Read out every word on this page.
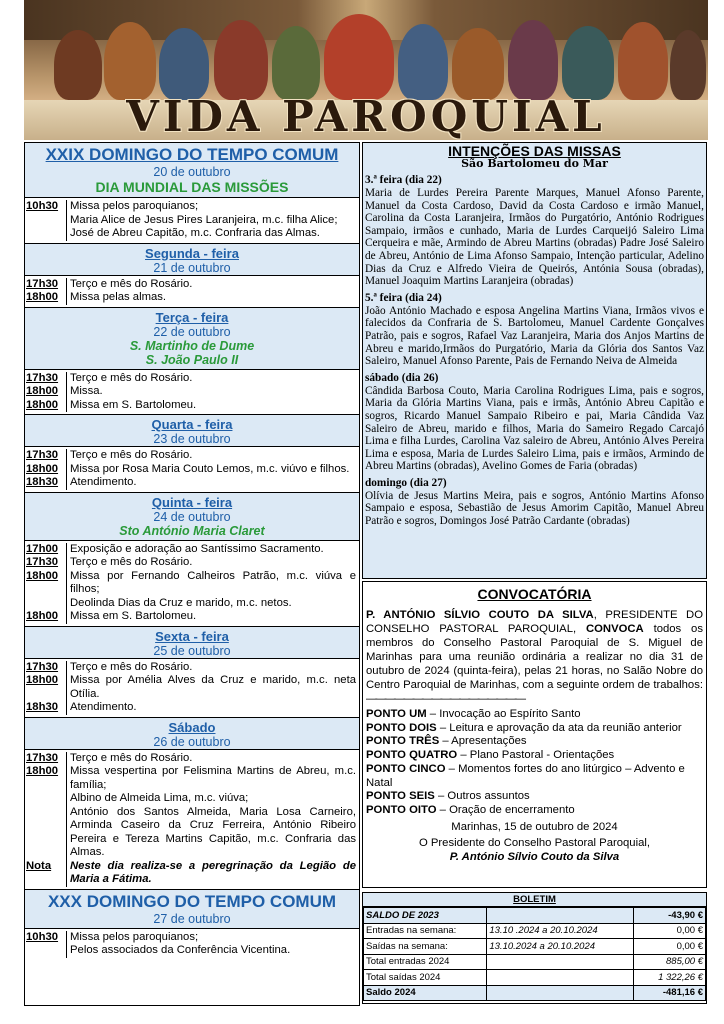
VIDA PAROQUIAL
XXIX DOMINGO DO TEMPO COMUM
20 de outubro
DIA MUNDIAL DAS MISSÕES
10h30	Missa pelos paroquianos;
Maria Alice de Jesus Pires Laranjeira, m.c. filha Alice;
José de Abreu Capitão, m.c. Confraria das Almas.
Segunda - feira
21 de outubro
17h30	Terço e mês do Rosário.
18h00	Missa pelas almas.
Terça - feira
22 de outubro
S. Martinho de Dume
S. João Paulo II
17h30	Terço e mês do Rosário.
18h00	Missa.
18h00	Missa em S. Bartolomeu.
Quarta - feira
23 de outubro
17h30	Terço e mês do Rosário.
18h00	Missa por Rosa Maria Couto Lemos, m.c. viúvo e filhos.
18h30	Atendimento.
Quinta - feira
24 de outubro
Sto António Maria Claret
17h00	Exposição e adoração ao Santíssimo Sacramento.
17h30	Terço e mês do Rosário.
18h00	Missa por Fernando Calheiros Patrão, m.c. viúva e filhos;
Deolinda Dias da Cruz e marido, m.c. netos.
18h00	Missa em S. Bartolomeu.
Sexta - feira
25 de outubro
17h30	Terço e mês do Rosário.
18h00	Missa por Amélia Alves da Cruz e marido, m.c. neta Otília.
18h30	Atendimento.
Sábado
26 de outubro
17h30	Terço e mês do Rosário.
18h00	Missa vespertina por Felismina Martins de Abreu, m.c. família;
Albino de Almeida Lima, m.c. viúva;
António dos Santos Almeida, Maria Losa Carneiro, Arminda Caseiro da Cruz Ferreira, António Ribeiro Pereira e Tereza Martins Capitão, m.c. Confraria das Almas.
Nota	Neste dia realiza-se a peregrinação da Legião de Maria a Fátima.
XXX DOMINGO DO TEMPO COMUM
27 de outubro
10h30	Missa pelos paroquianos;
Pelos associados da Conferência Vicentina.
INTENÇÕES DAS MISSAS
São Bartolomeu do Mar
3.ª feira (dia 22)
Maria de Lurdes Pereira Parente Marques, Manuel Afonso Parente, Manuel da Costa Cardoso, David da Costa Cardoso e irmão Manuel, Carolina da Costa Laranjeira, Irmãos do Purgatório, António Rodrigues Sampaio, irmãos e cunhado, Maria de Lurdes Carqueijó Saleiro Lima Cerqueira e mãe, Armindo de Abreu Martins (obradas) Padre José Saleiro de Abreu, António de Lima Afonso Sampaio, Intenção particular, Adelino Dias da Cruz e Alfredo Vieira de Queirós, Antónia Sousa (obradas), Manuel Joaquim Martins Laranjeira (obradas)
5.ª feira (dia 24)
João António Machado e esposa Angelina Martins Viana, Irmãos vivos e falecidos da Confraria de S. Bartolomeu, Manuel Cardente Gonçalves Patrão, pais e sogros, Rafael Vaz Laranjeira, Maria dos Anjos Martins de Abreu e marido,Irmãos do Purgatório, Maria da Glória dos Santos Vaz Saleiro, Manuel Afonso Parente, Pais de Fernando Neiva de Almeida
sábado (dia 26)
Cândida Barbosa Couto, Maria Carolina Rodrigues Lima, pais e sogros, Maria da Glória Martins Viana, pais e irmãs, António Abreu Capitão e sogros, Ricardo Manuel Sampaio Ribeiro e pai, Maria Cândida Vaz Saleiro de Abreu, marido e filhos, Maria do Sameiro Regado Carcajó Lima e filha Lurdes, Carolina Vaz saleiro de Abreu, António Alves Pereira Lima e esposa, Maria de Lurdes Saleiro Lima, pais e irmãos, Armindo de Abreu Martins (obradas), Avelino Gomes de Faria (obradas)
domingo (dia 27)
Olívia de Jesus Martins Meira, pais e sogros, António Martins Afonso Sampaio e esposa, Sebastião de Jesus Amorim Capitão, Manuel Abreu Patrão e sogros, Domingos José Patrão Cardante (obradas)
CONVOCATÓRIA
P. ANTÓNIO SÍLVIO COUTO DA SILVA, PRESIDENTE DO CONSELHO PASTORAL PAROQUIAL, CONVOCA todos os membros do Conselho Pastoral Paroquial de S. Miguel de Marinhas para uma reunião ordinária a realizar no dia 31 de outubro de 2024 (quinta-feira), pelas 21 horas, no Salão Nobre do Centro Paroquial de Marinhas, com a seguinte ordem de trabalhos:—————————————————
PONTO UM – Invocação ao Espírito Santo
PONTO DOIS – Leitura e aprovação da ata da reunião anterior
PONTO TRÊS – Apresentações
PONTO QUATRO – Plano Pastoral - Orientações
PONTO CINCO – Momentos fortes do ano litúrgico – Advento e Natal
PONTO SEIS – Outros assuntos
PONTO OITO – Oração de encerramento
Marinhas, 15 de outubro de 2024
O Presidente do Conselho Pastoral Paroquial,
P. António Sílvio Couto da Silva
BOLETIM
SALDO DE 2023		-43,90 €
Entradas na semana:	13.10 .2024 a 20.10.2024	0,00 €
Saídas na semana:	13.10.2024 a 20.10.2024	0,00 €
Total entradas 2024		885,00 €
Total saídas 2024		1 322,26 €
Saldo 2024		-481,16 €
